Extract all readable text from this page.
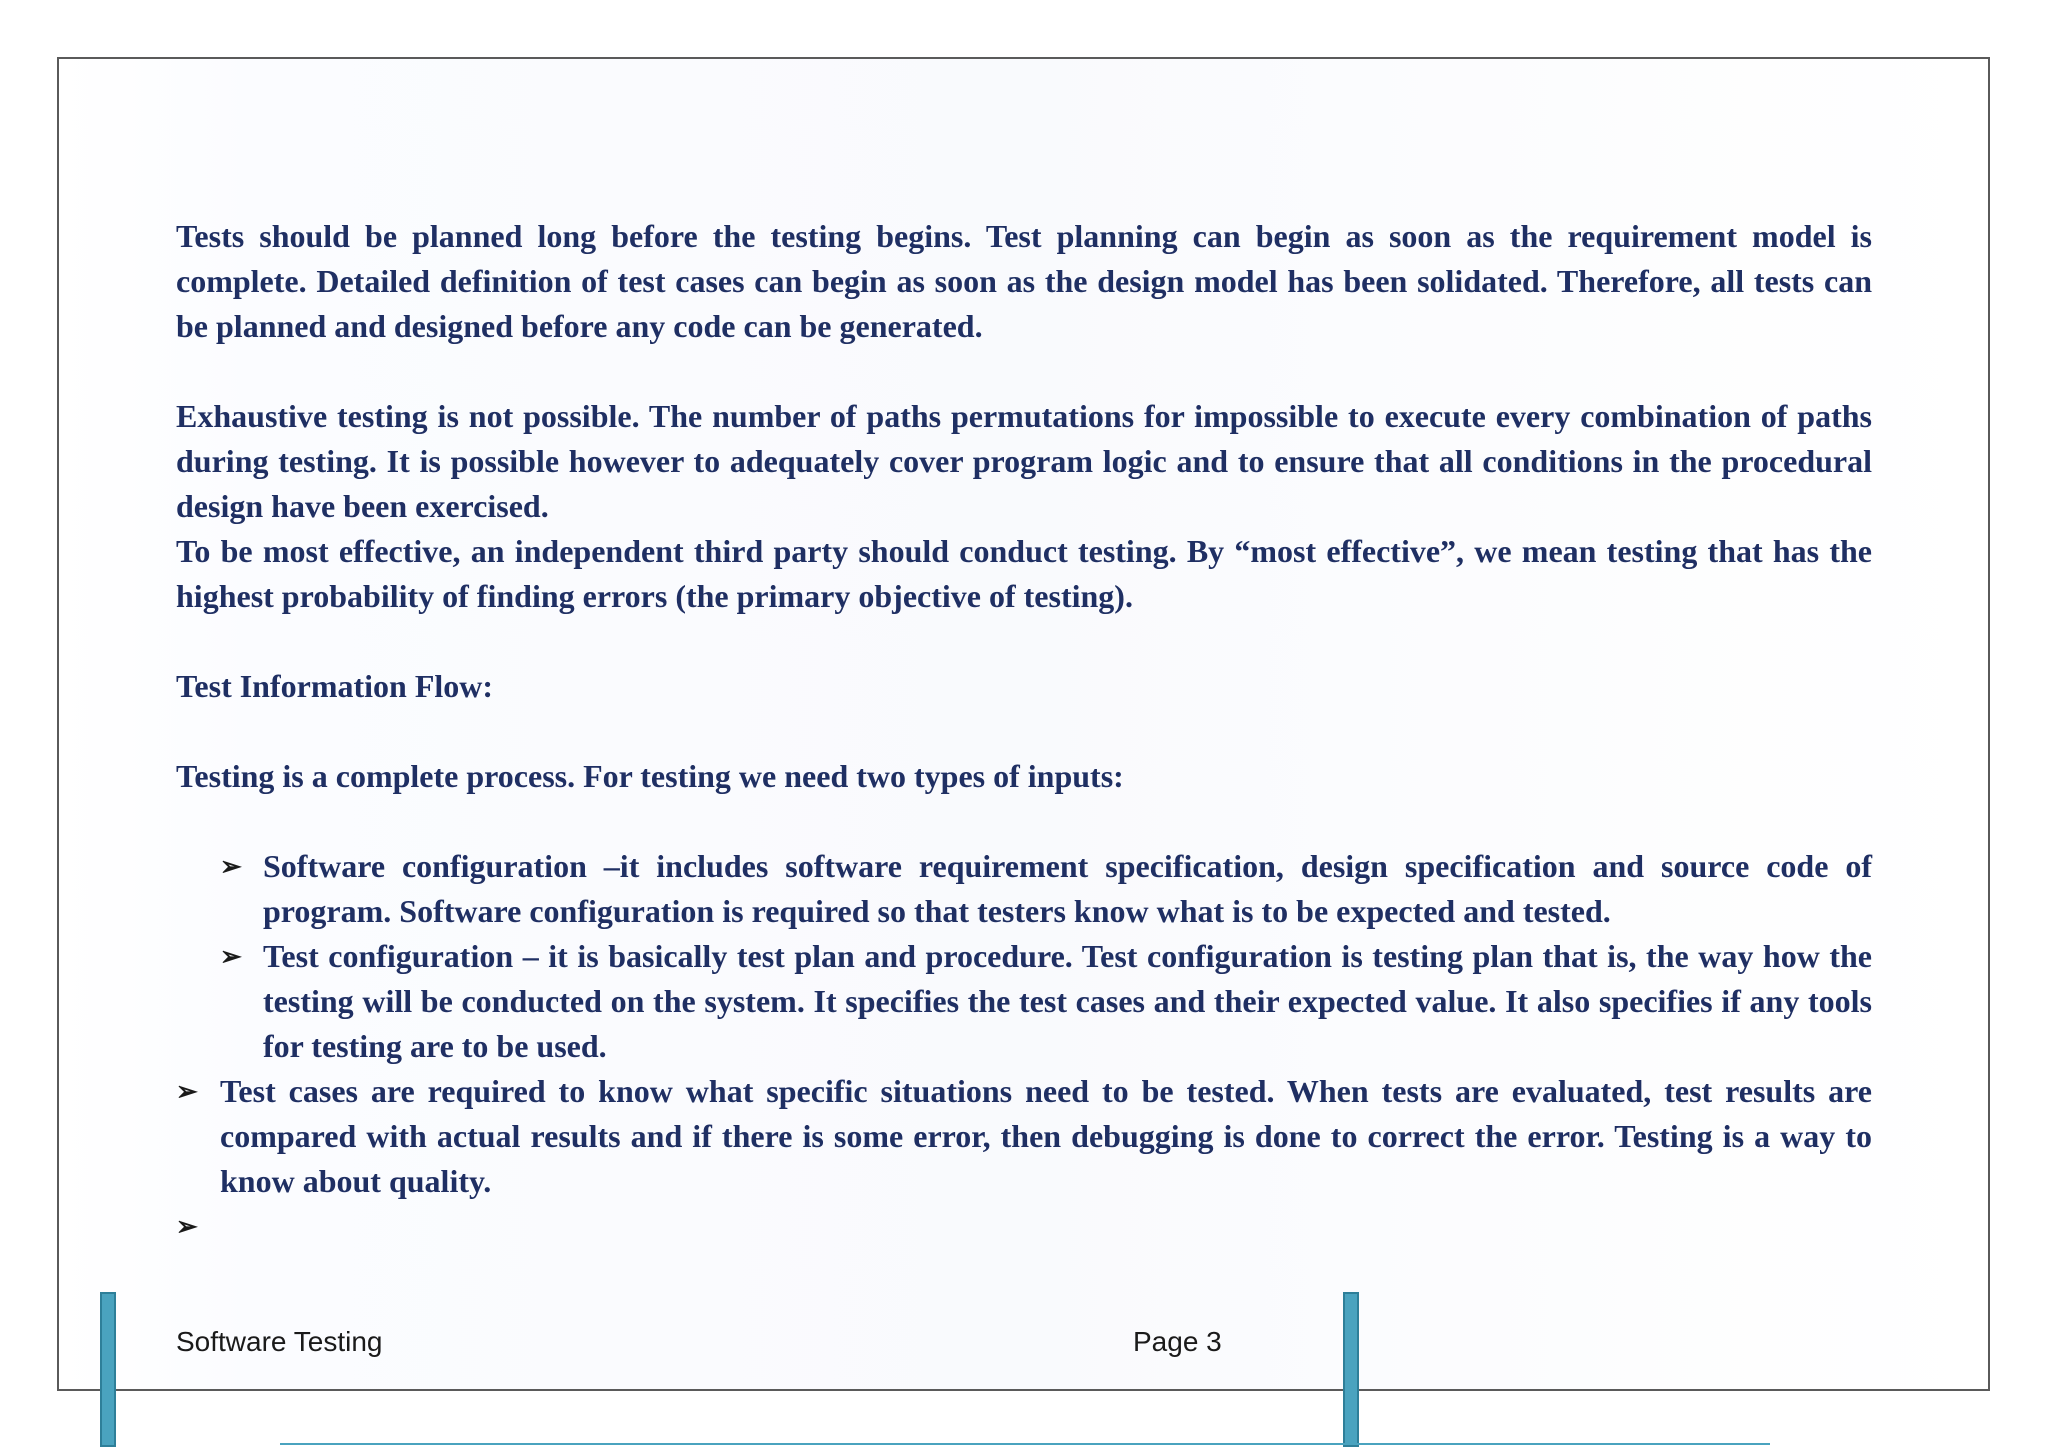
Tests should be planned long before the testing begins. Test planning can begin as soon as the requirement model is complete. Detailed definition of test cases can begin as soon as the design model has been solidated. Therefore, all tests can be planned and designed before any code can be generated.

Exhaustive testing is not possible. The number of paths permutations for impossible to execute every combination of paths during testing. It is possible however to adequately cover program logic and to ensure that all conditions in the procedural design have been exercised.

To be most effective, an independent third party should conduct testing. By “most effective”, we mean testing that has the highest probability of finding errors (the primary objective of testing).

Test Information Flow:

Testing is a complete process. For testing we need two types of inputs:

➢ Software configuration –it includes software requirement specification, design specification and source code of program. Software configuration is required so that testers know what is to be expected and tested.
➢ Test configuration – it is basically test plan and procedure. Test configuration is testing plan that is, the way how the testing will be conducted on the system. It specifies the test cases and their expected value. It also specifies if any tools for testing are to be used.
➢ Test cases are required to know what specific situations need to be tested. When tests are evaluated, test results are compared with actual results and if there is some error, then debugging is done to correct the error. Testing is a way to know about quality.
➢
Software Testing	Page 3
